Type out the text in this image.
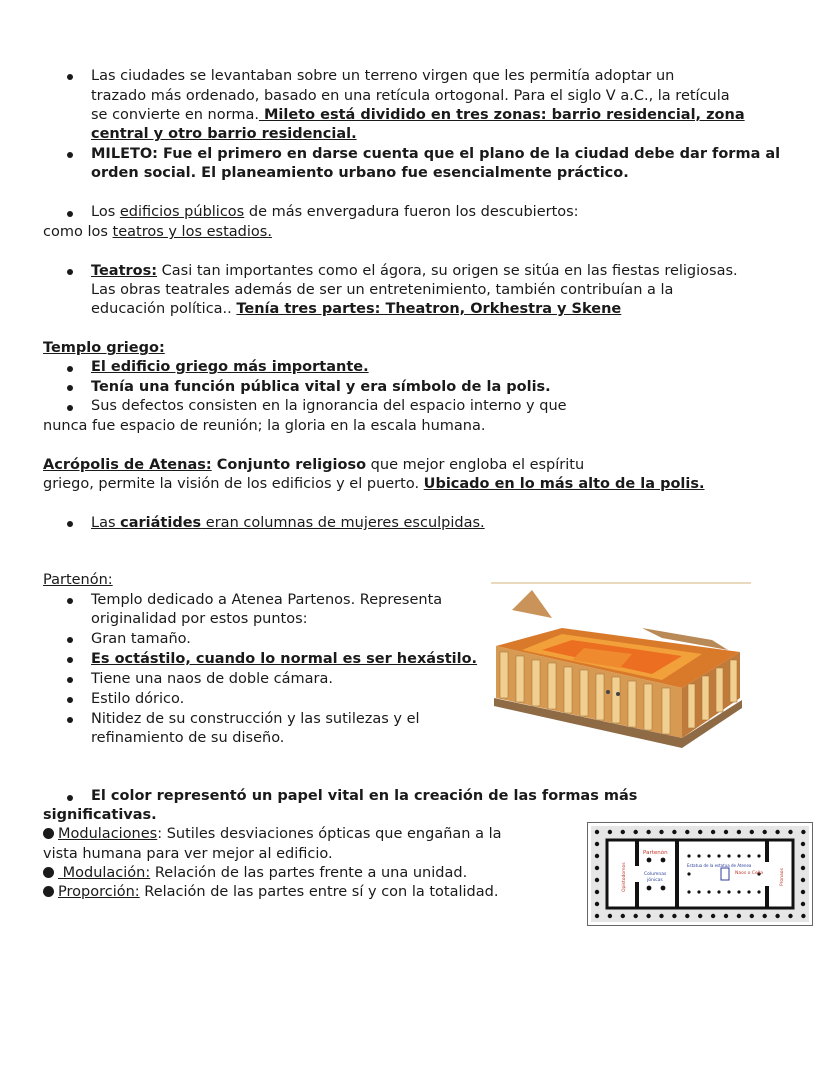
Las ciudades se levantaban sobre un terreno virgen que les permitía adoptar un
trazado más ordenado, basado en una retícula ortogonal. Para el siglo V a.C., la retícula
se convierte en norma. Mileto está dividido en tres zonas: barrio residencial, zona
central y otro barrio residencial.
MILETO: Fue el primero en darse cuenta que el plano de la ciudad debe dar forma al
orden social. El planeamiento urbano fue esencialmente práctico.
Los edificios públicos de más envergadura fueron los descubiertos:
como los teatros y los estadios.
Teatros: Casi tan importantes como el ágora, su origen se sitúa en las fiestas religiosas.
Las obras teatrales además de ser un entretenimiento, también contribuían a la
educación política.. Tenía tres partes: Theatron, Orkhestra y Skene
Templo griego:
El edificio griego más importante.
Tenía una función pública vital y era símbolo de la polis.
Sus defectos consisten en la ignorancia del espacio interno y que
nunca fue espacio de reunión; la gloria en la escala humana.
Acrópolis de Atenas: Conjunto religioso que mejor engloba el espíritu
griego, permite la visión de los edificios y el puerto. Ubicado en lo más alto de la polis.
Las cariátides eran columnas de mujeres esculpidas.
Partenón:
Templo dedicado a Atenea Partenos. Representa
originalidad por estos puntos:
Gran tamaño.
Es octástilo, cuando lo normal es ser hexástilo.
Tiene una naos de doble cámara.
Estilo dórico.
Nitidez de su construcción y las sutilezas y el
refinamiento de su diseño.
El color representó un papel vital en la creación de las formas más
significativas.
Modulaciones: Sutiles desviaciones ópticas que engañan a la
vista humana para ver mejor al edificio.
Modulación: Relación de las partes frente a una unidad.
Proporción: Relación de las partes entre sí y con la totalidad.
Partenón
Columnas
jónicas
Estatua de la estatua de Atenea
Naos o Cella
Opistodomos	Pronaos
